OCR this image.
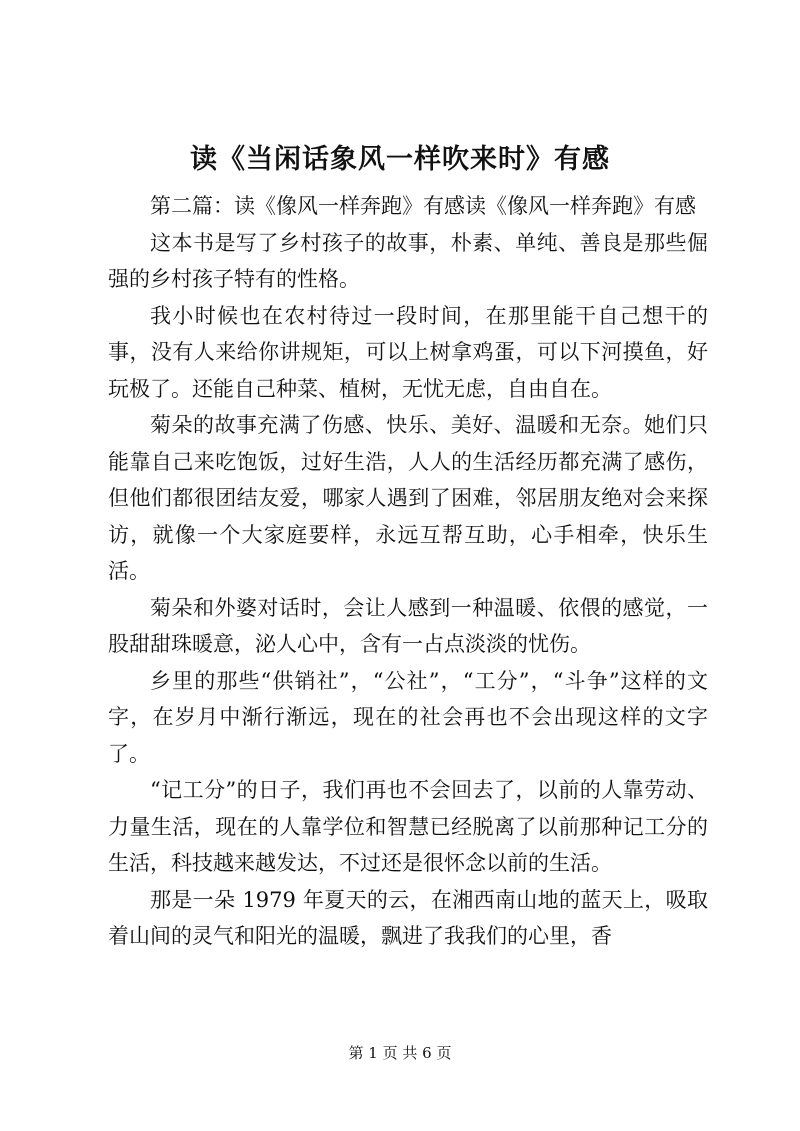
读《当闲话象风一样吹来时》有感

第二篇：读《像风一样奔跑》有感读《像风一样奔跑》有感

这本书是写了乡村孩子的故事，朴素、单纯、善良是那些倔强的乡村孩子特有的性格。

我小时候也在农村待过一段时间，在那里能干自己想干的事，没有人来给你讲规矩，可以上树拿鸡蛋，可以下河摸鱼，好玩极了。还能自己种菜、植树，无忧无虑，自由自在。

菊朵的故事充满了伤感、快乐、美好、温暖和无奈。她们只能靠自己来吃饱饭，过好生浩，人人的生活经历都充满了感伤，但他们都很团结友爱，哪家人遇到了困难，邻居朋友绝对会来探访，就像一个大家庭要样，永远互帮互助，心手相牵，快乐生活。

菊朵和外婆对话时，会让人感到一种温暖、依偎的感觉，一股甜甜珠暖意，泌人心中，含有一占点淡淡的忧伤。

乡里的那些“供销社”，“公社”，“工分”，“斗争”这样的文字，在岁月中渐行渐远，现在的社会再也不会出现这样的文字了。

“记工分”的日子，我们再也不会回去了，以前的人靠劳动、力量生活，现在的人靠学位和智慧已经脱离了以前那种记工分的生活，科技越来越发达，不过还是很怀念以前的生活。

那是一朵 1979 年夏天的云，在湘西南山地的蓝天上，吸取着山间的灵气和阳光的温暖，飘进了我我们的心里，香

第 1 页 共 6 页
